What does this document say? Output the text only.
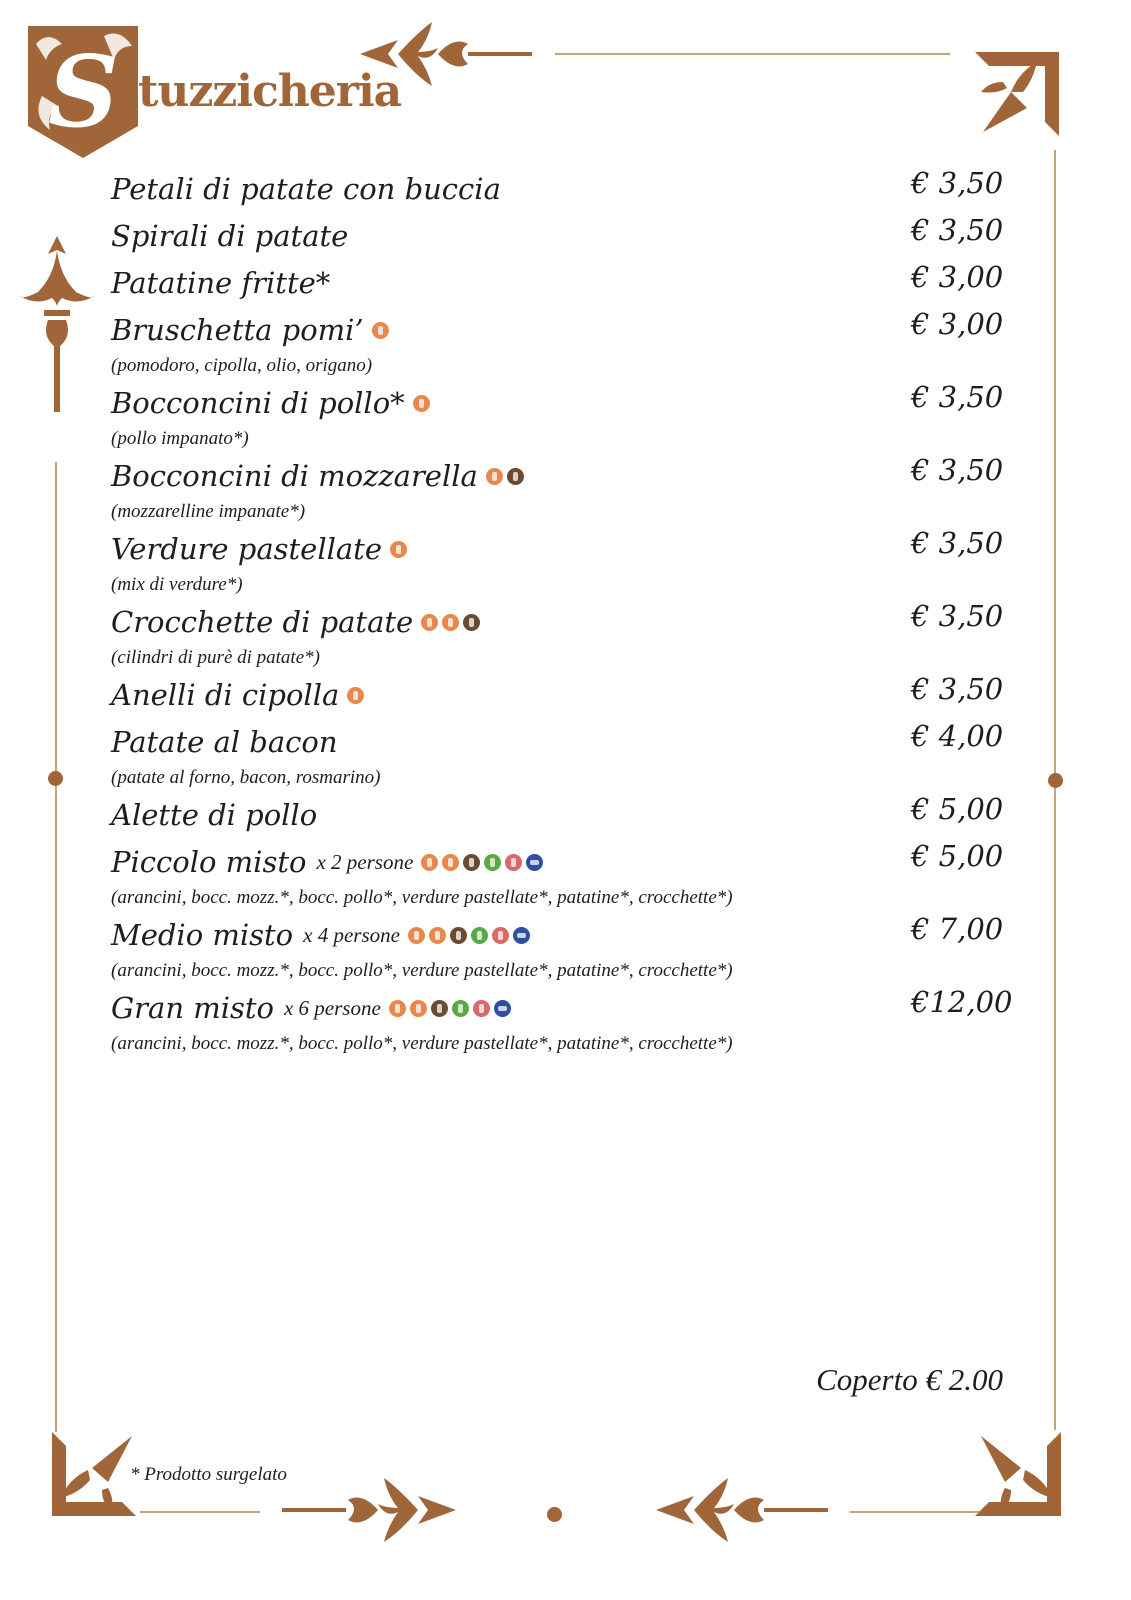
S tuzzicheria
Petali di patate con buccia	€ 3,50
Spirali di patate	€ 3,50
Patatine fritte*	€ 3,00
Bruschetta pomi’	€ 3,00
(pomodoro, cipolla, olio, origano)
Bocconcini di pollo*	€ 3,50
(pollo impanato*)
Bocconcini di mozzarella	€ 3,50
(mozzarelline impanate*)
Verdure pastellate	€ 3,50
(mix di verdure*)
Crocchette di patate	€ 3,50
(cilindri di purè di patate*)
Anelli di cipolla	€ 3,50
Patate al bacon	€ 4,00
(patate al forno, bacon, rosmarino)
Alette di pollo	€ 5,00
Piccolo misto x 2 persone	€ 5,00
(arancini, bocc. mozz.*, bocc. pollo*, verdure pastellate*, patatine*, crocchette*)
Medio misto x 4 persone	€ 7,00
(arancini, bocc. mozz.*, bocc. pollo*, verdure pastellate*, patatine*, crocchette*)
Gran misto x 6 persone	€12,00
(arancini, bocc. mozz.*, bocc. pollo*, verdure pastellate*, patatine*, crocchette*)
Coperto € 2.00
* Prodotto surgelato
